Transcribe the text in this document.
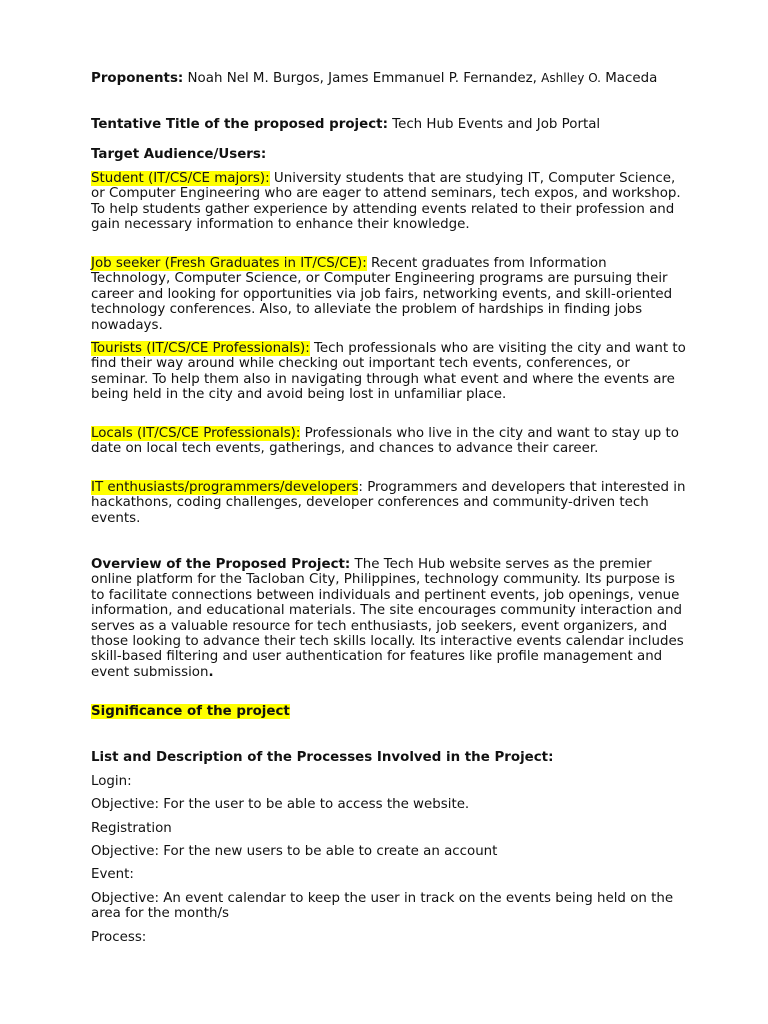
Proponents: Noah Nel M. Burgos, James Emmanuel P. Fernandez, Ashlley O. Maceda

Tentative Title of the proposed project: Tech Hub Events and Job Portal

Target Audience/Users:

Student (IT/CS/CE majors): University students that are studying IT, Computer Science, or Computer Engineering who are eager to attend seminars, tech expos, and workshop. To help students gather experience by attending events related to their profession and gain necessary information to enhance their knowledge.

Job seeker (Fresh Graduates in IT/CS/CE): Recent graduates from Information Technology, Computer Science, or Computer Engineering programs are pursuing their career and looking for opportunities via job fairs, networking events, and skill-oriented technology conferences. Also, to alleviate the problem of hardships in finding jobs nowadays.

Tourists (IT/CS/CE Professionals): Tech professionals who are visiting the city and want to find their way around while checking out important tech events, conferences, or seminar. To help them also in navigating through what event and where the events are being held in the city and avoid being lost in unfamiliar place.

Locals (IT/CS/CE Professionals): Professionals who live in the city and want to stay up to date on local tech events, gatherings, and chances to advance their career.

IT enthusiasts/programmers/developers: Programmers and developers that interested in hackathons, coding challenges, developer conferences and community-driven tech events.

Overview of the Proposed Project: The Tech Hub website serves as the premier online platform for the Tacloban City, Philippines, technology community. Its purpose is to facilitate connections between individuals and pertinent events, job openings, venue information, and educational materials. The site encourages community interaction and serves as a valuable resource for tech enthusiasts, job seekers, event organizers, and those looking to advance their tech skills locally. Its interactive events calendar includes skill-based filtering and user authentication for features like profile management and event submission.

Significance of the project

List and Description of the Processes Involved in the Project:

Login:

Objective: For the user to be able to access the website.

Registration

Objective: For the new users to be able to create an account

Event:

Objective: An event calendar to keep the user in track on the events being held on the area for the month/s

Process:
